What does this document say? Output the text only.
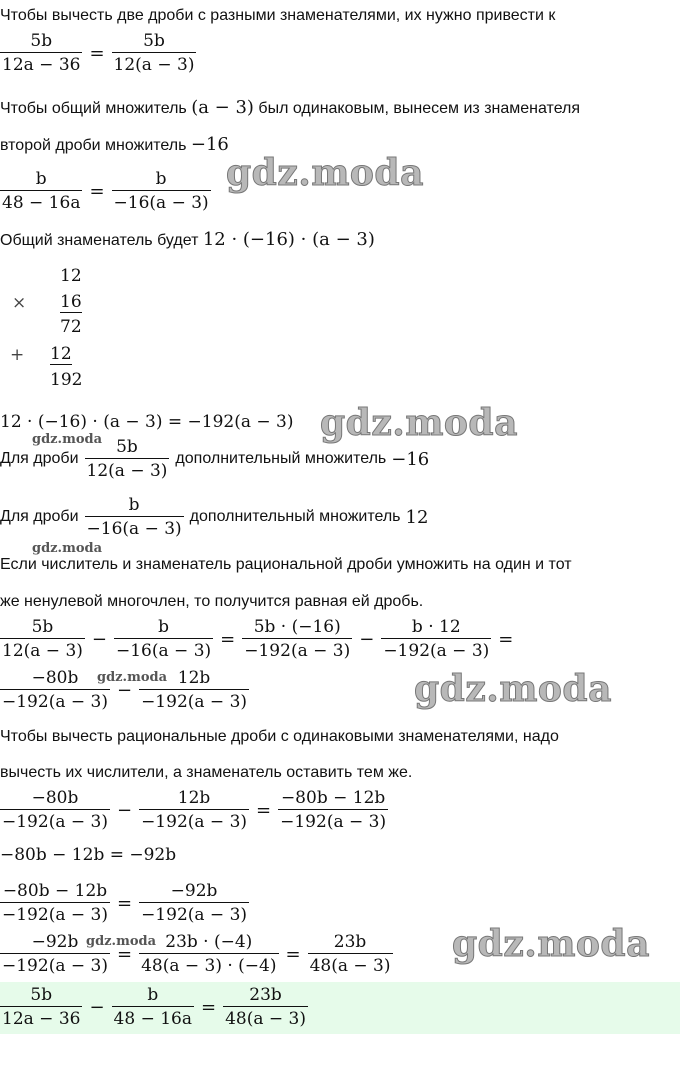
Чтобы вычесть две дроби с разными знаменателями, их нужно привести к
$\frac{5b}{12a - 36} = \frac{5b}{12(a - 3)}$
Чтобы общий множитель (a − 3) был одинаковым, вынесем из знаменателя
второй дроби множитель −16
gdz.moda
$\frac{b}{48 - 16a} = \frac{b}{-16(a - 3)}$
Общий знаменатель будет 12 · (−16) · (a − 3)
12
× 16
72
+ 12
192
12 · (−16) · (a − 3) = −192(a − 3) gdz.moda
gdz.moda
Для дроби $\frac{5b}{12(a - 3)}$ дополнительный множитель −16
Для дроби $\frac{b}{-16(a - 3)}$ дополнительный множитель 12
gdz.moda
Если числитель и знаменатель рациональной дроби умножить на один и тот
же ненулевой многочлен, то получится равная ей дробь.
$\frac{5b}{12(a - 3)} - \frac{b}{-16(a - 3)} = \frac{5b \cdot (-16)}{-192(a - 3)} - \frac{b \cdot 12}{-192(a - 3)}$ =
$\frac{-80b}{-192(a - 3)} - \frac{12b}{-192(a - 3)}$
gdz.moda	gdz.moda
Чтобы вычесть рациональные дроби с одинаковыми знаменателями, надо
вычесть их числители, а знаменатель оставить тем же.
$\frac{-80b}{-192(a - 3)} - \frac{12b}{-192(a - 3)} = \frac{-80b - 12b}{-192(a - 3)}$
−80b − 12b = −92b
$\frac{-80b - 12b}{-192(a - 3)} = \frac{-92b}{-192(a - 3)}$
$\frac{-92b}{-192(a - 3)} = \frac{23b \cdot (-4)}{48(a - 3) \cdot (-4)} = \frac{23b}{48(a - 3)}$
gdz.moda	gdz.moda
$\frac{5b}{12a - 36} - \frac{b}{48 - 16a} = \frac{23b}{48(a - 3)}$
